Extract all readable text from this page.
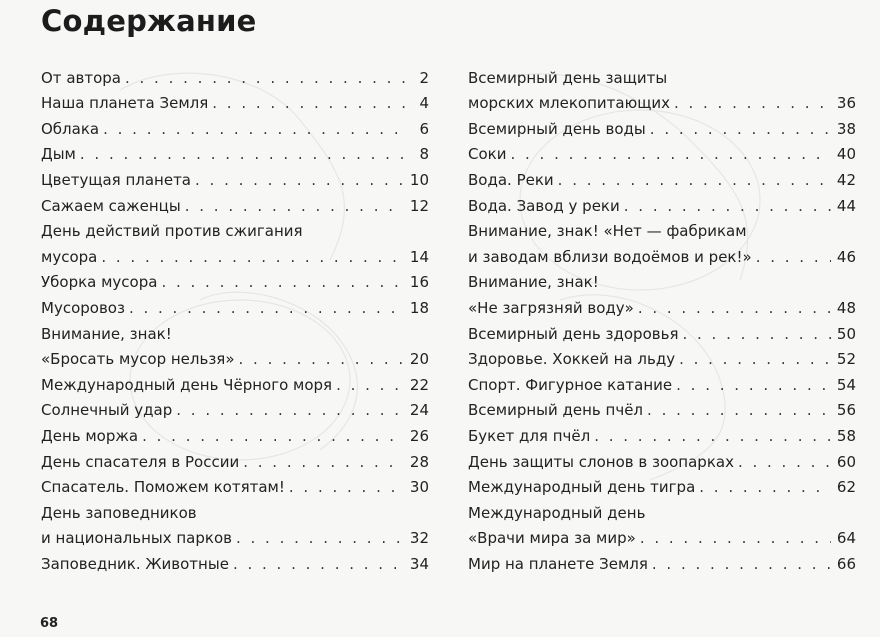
Содержание
От автора . . .	2
Наша планета Земля . . .	4
Облака . . .	6
Дым . . .	8
Цветущая планета . . .	10
Сажаем саженцы . . .	12
День действий против сжигания
мусора . . .	14
Уборка мусора . . .	16
Мусоровоз . . .	18
Внимание, знак!
«Бросать мусор нельзя» . . .	20
Международный день Чёрного моря . . .	22
Солнечный удар . . .	24
День моржа . . .	26
День спасателя в России . . .	28
Спасатель. Поможем котятам! . . .	30
День заповедников
и национальных парков . . .	32
Заповедник. Животные . . .	34
Всемирный день защиты
морских млекопитающих . . .	36
Всемирный день воды . . .	38
Соки . . .	40
Вода. Реки . . .	42
Вода. Завод у реки . . .	44
Внимание, знак! «Нет — фабрикам
и заводам вблизи водоёмов и рек!» . . .	46
Внимание, знак!
«Не загрязняй воду» . . .	48
Всемирный день здоровья . . .	50
Здоровье. Хоккей на льду . . .	52
Спорт. Фигурное катание . . .	54
Всемирный день пчёл . . .	56
Букет для пчёл . . .	58
День защиты слонов в зоопарках . . .	60
Международный день тигра . . .	62
Международный день
«Врачи мира за мир» . . .	64
Мир на планете Земля . . .	66
68
